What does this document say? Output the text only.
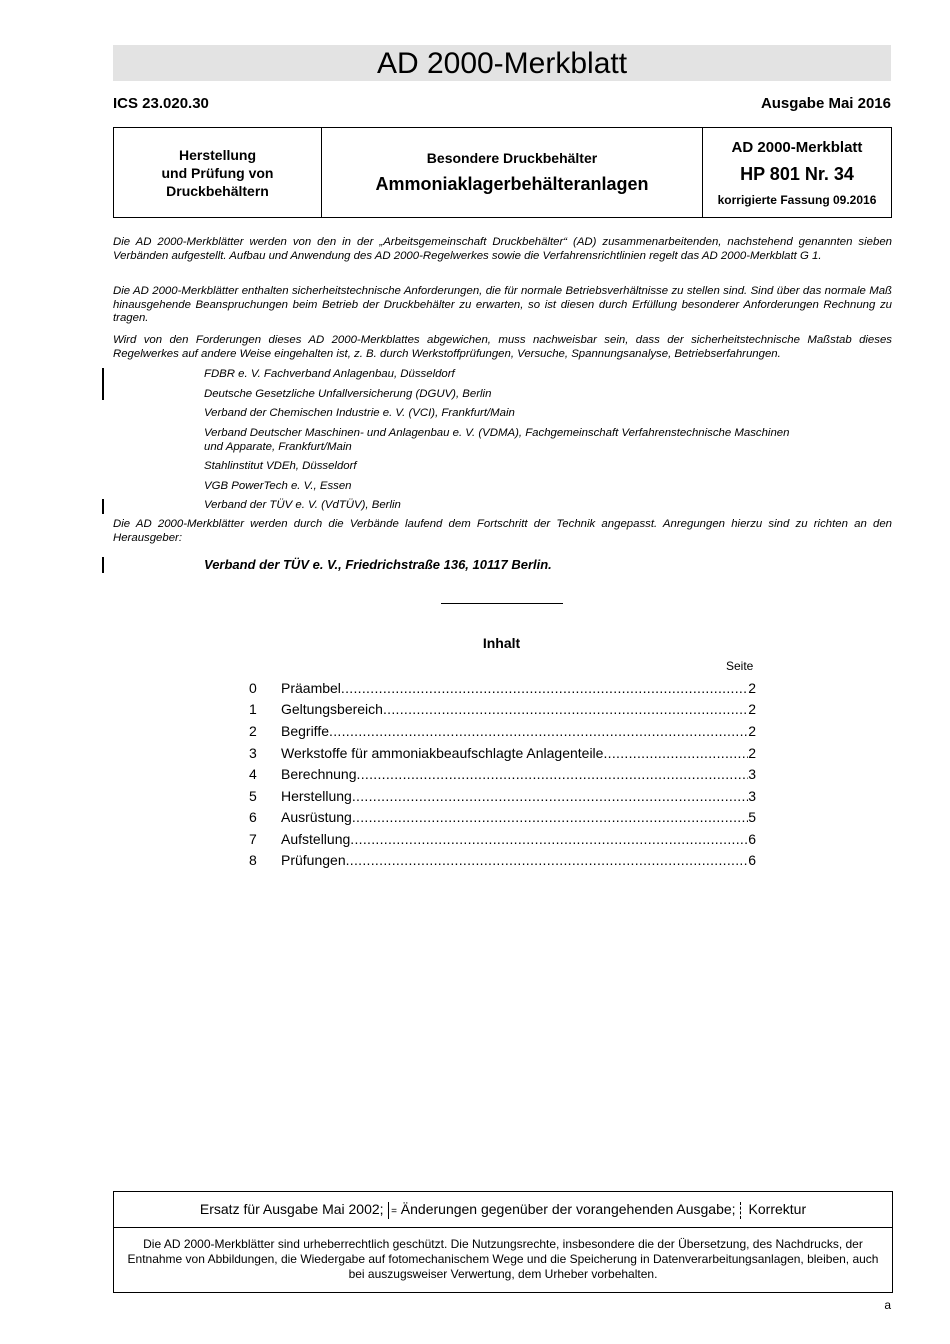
AD 2000-Merkblatt
ICS 23.020.30	Ausgabe Mai 2016
Herstellung
und Prüfung von
Druckbehältern

Besondere Druckbehälter
Ammoniaklagerbehälteranlagen

AD 2000-Merkblatt
HP 801 Nr. 34
korrigierte Fassung 09.2016
Die AD 2000-Merkblätter werden von den in der „Arbeitsgemeinschaft Druckbehälter“ (AD) zusammenarbeitenden, nachstehend genannten sieben Verbänden aufgestellt. Aufbau und Anwendung des AD 2000-Regelwerkes sowie die Verfahrensrichtlinien regelt das AD 2000-Merkblatt G 1.
Die AD 2000-Merkblätter enthalten sicherheitstechnische Anforderungen, die für normale Betriebsverhältnisse zu stellen sind. Sind über das normale Maß hinausgehende Beanspruchungen beim Betrieb der Druckbehälter zu erwarten, so ist diesen durch Erfüllung besonderer Anforderungen Rechnung zu tragen.
Wird von den Forderungen dieses AD 2000-Merkblattes abgewichen, muss nachweisbar sein, dass der sicherheitstechnische Maßstab dieses Regelwerkes auf andere Weise eingehalten ist, z. B. durch Werkstoffprüfungen, Versuche, Spannungsanalyse, Betriebserfahrungen.
FDBR e. V. Fachverband Anlagenbau, Düsseldorf
Deutsche Gesetzliche Unfallversicherung (DGUV), Berlin
Verband der Chemischen Industrie e. V. (VCI), Frankfurt/Main
Verband Deutscher Maschinen- und Anlagenbau e. V. (VDMA), Fachgemeinschaft Verfahrenstechnische Maschinen
und Apparate, Frankfurt/Main
Stahlinstitut VDEh, Düsseldorf
VGB PowerTech e. V., Essen
Verband der TÜV e. V. (VdTÜV), Berlin
Die AD 2000-Merkblätter werden durch die Verbände laufend dem Fortschritt der Technik angepasst. Anregungen hierzu sind zu richten an den Herausgeber:
Verband der TÜV e. V., Friedrichstraße 136, 10117 Berlin.
Inhalt
Seite
0 Präambel .....	2
1 Geltungsbereich .....	2
2 Begriffe .....	2
3 Werkstoffe für ammoniakbeaufschlagte Anlagenteile .....	2
4 Berechnung .....	3
5 Herstellung .....	3
6 Ausrüstung .....	5
7 Aufstellung .....	6
8 Prüfungen .....	6
Ersatz für Ausgabe Mai 2002; = Änderungen gegenüber der vorangehenden Ausgabe; Korrektur
Die AD 2000-Merkblätter sind urheberrechtlich geschützt. Die Nutzungsrechte, insbesondere die der Übersetzung, des Nachdrucks, der Entnahme von Abbildungen, die Wiedergabe auf fotomechanischem Wege und die Speicherung in Datenverarbeitungsanlagen, bleiben, auch bei auszugsweiser Verwertung, dem Urheber vorbehalten.
a
